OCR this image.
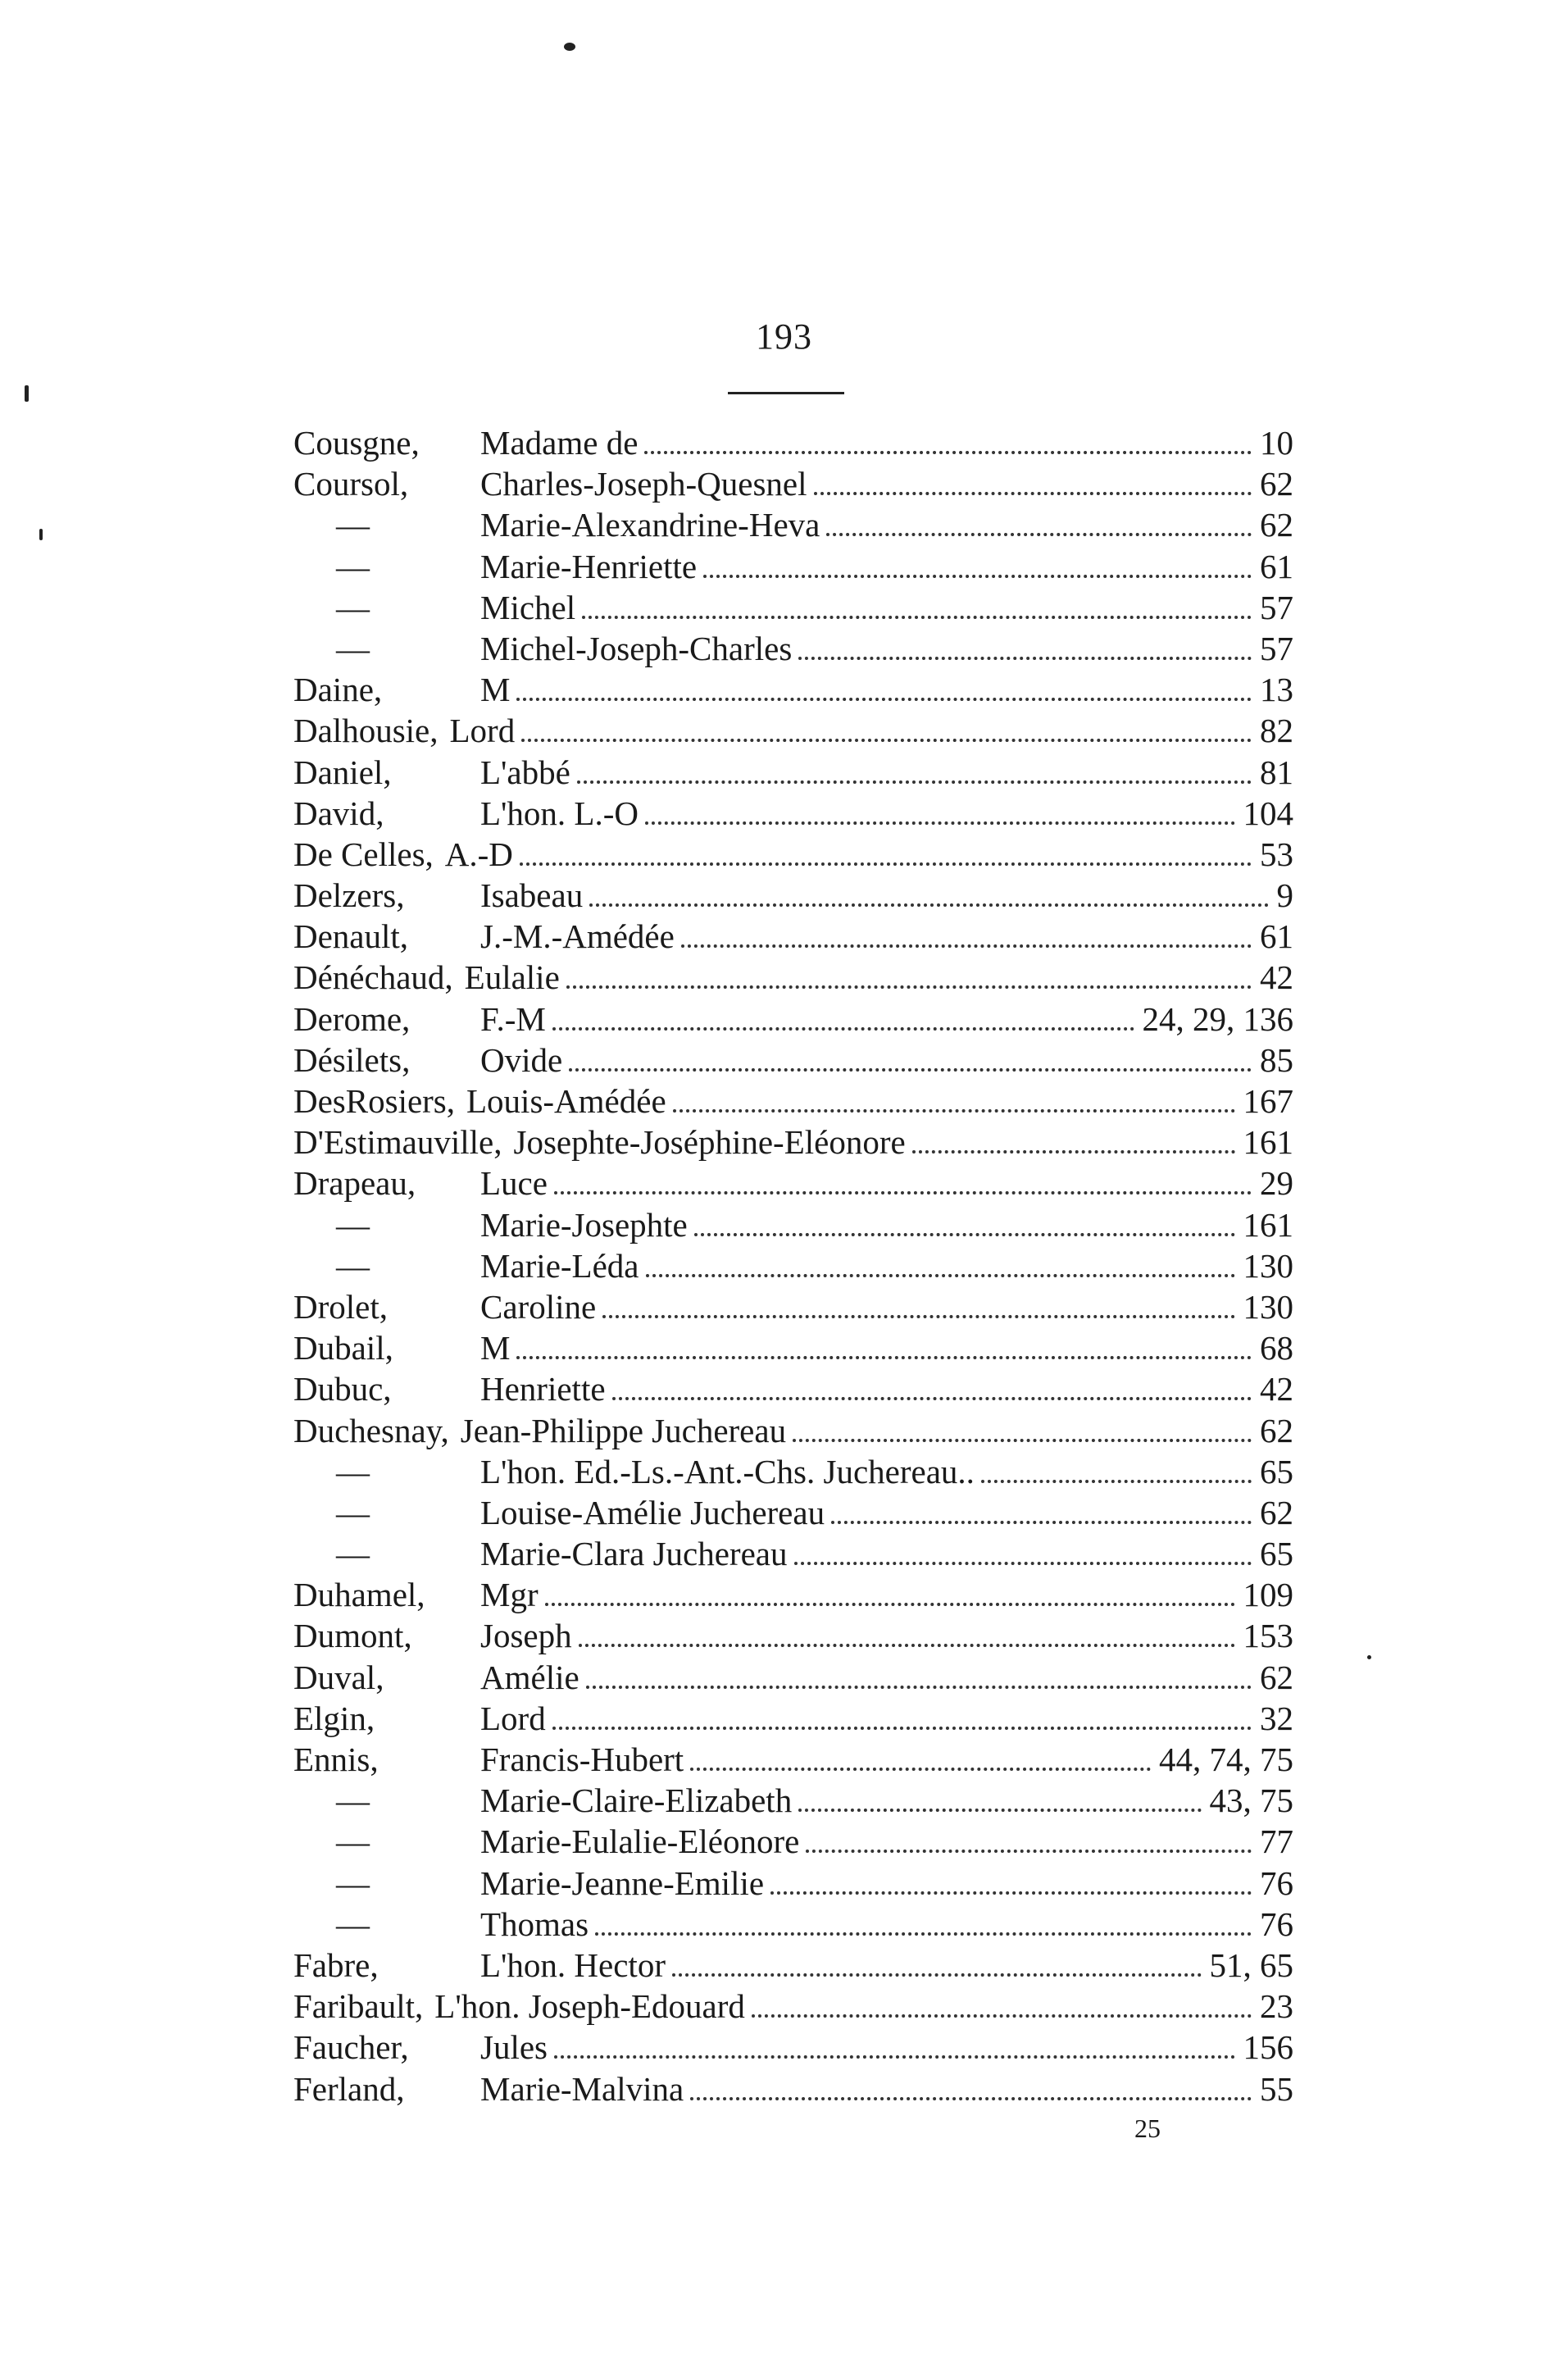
193
Cousgne,	Madame de	10
Coursol,	Charles-Joseph-Quesnel	62
—	Marie-Alexandrine-Heva	62
—	Marie-Henriette	61
—	Michel	57
—	Michel-Joseph-Charles	57
Daine,	M	13
Dalhousie, Lord	82
Daniel,	L'abbé	81
David,	L'hon. L.-O	104
De Celles, A.-D	53
Delzers,	Isabeau	9
Denault,	J.-M.-Amédée	61
Dénéchaud, Eulalie	42
Derome,	F.-M	24, 29, 136
Désilets,	Ovide	85
DesRosiers, Louis-Amédée	167
D'Estimauville, Josephte-Joséphine-Eléonore	161
Drapeau,	Luce	29
—	Marie-Josephte	161
—	Marie-Léda	130
Drolet,	Caroline	130
Dubail,	M	68
Dubuc,	Henriette	42
Duchesnay, Jean-Philippe Juchereau	62
—	L'hon. Ed.-Ls.-Ant.-Chs. Juchereau..	65
—	Louise-Amélie Juchereau	62
—	Marie-Clara Juchereau	65
Duhamel,	Mgr	109
Dumont,	Joseph	153
Duval,	Amélie	62
Elgin,	Lord	32
Ennis,	Francis-Hubert	44, 74, 75
—	Marie-Claire-Elizabeth	43, 75
—	Marie-Eulalie-Eléonore	77
—	Marie-Jeanne-Emilie	76
—	Thomas	76
Fabre,	L'hon. Hector	51, 65
Faribault, L'hon. Joseph-Edouard	23
Faucher,	Jules	156
Ferland,	Marie-Malvina	55
25
